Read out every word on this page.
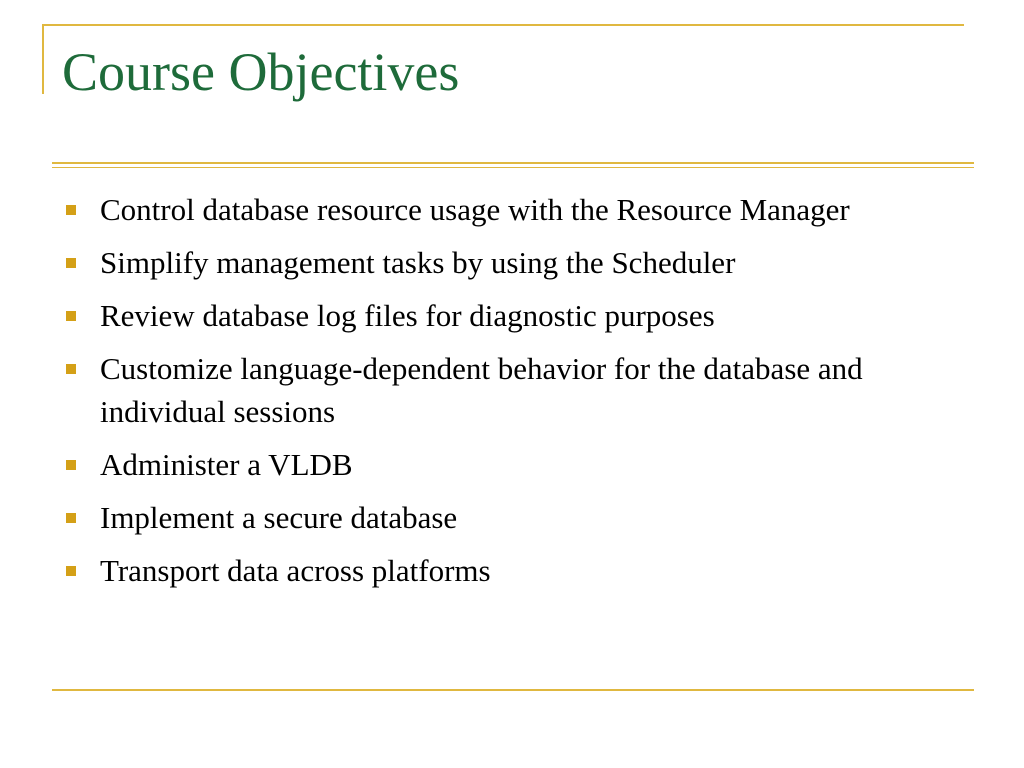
Course Objectives
Control database resource usage with the Resource Manager
Simplify management tasks by using the Scheduler
Review database log files for diagnostic purposes
Customize language-dependent behavior for the database and individual sessions
Administer a VLDB
Implement a secure database
Transport data across platforms
